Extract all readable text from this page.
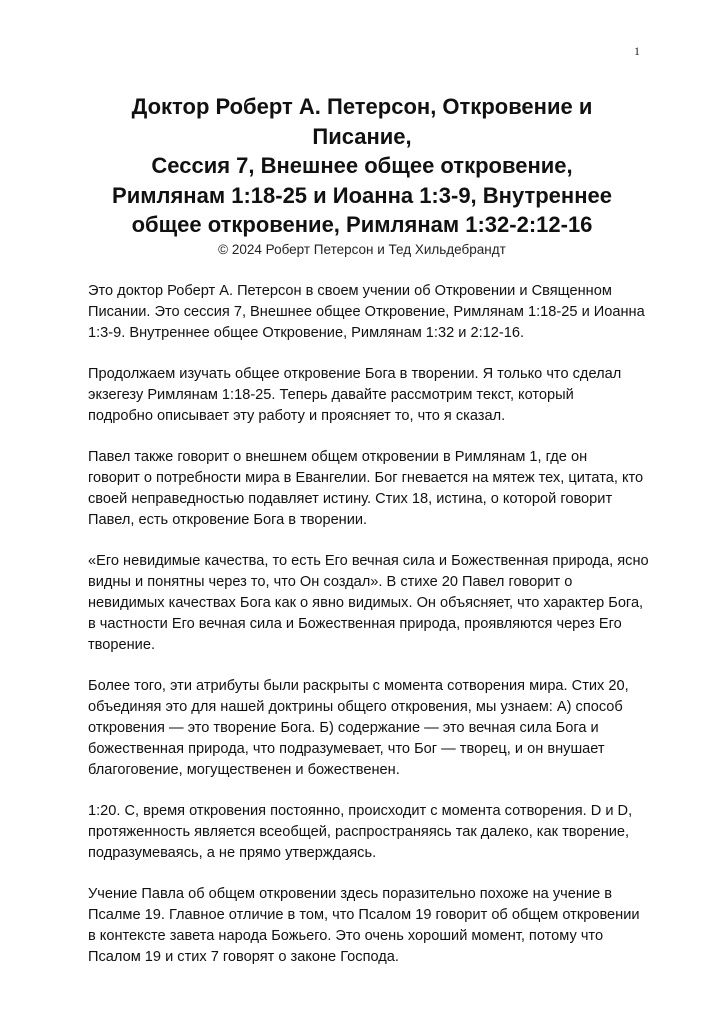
1
Доктор Роберт А. Петерсон, Откровение и
Писание,
Сессия 7, Внешнее общее откровение,
Римлянам 1:18-25 и Иоанна 1:3-9, Внутреннее
общее откровение, Римлянам 1:32-2:12-16
© 2024 Роберт Петерсон и Тед Хильдебрандт
Это доктор Роберт А. Петерсон в своем учении об Откровении и Священном
Писании. Это сессия 7, Внешнее общее Откровение, Римлянам 1:18-25 и Иоанна
1:3-9. Внутреннее общее Откровение, Римлянам 1:32 и 2:12-16.
Продолжаем изучать общее откровение Бога в творении. Я только что сделал
экзегезу Римлянам 1:18-25. Теперь давайте рассмотрим текст, который
подробно описывает эту работу и проясняет то, что я сказал.
Павел также говорит о внешнем общем откровении в Римлянам 1, где он
говорит о потребности мира в Евангелии. Бог гневается на мятеж тех, цитата, кто
своей неправедностью подавляет истину. Стих 18, истина, о которой говорит
Павел, есть откровение Бога в творении.
«Его невидимые качества, то есть Его вечная сила и Божественная природа, ясно
видны и понятны через то, что Он создал». В стихе 20 Павел говорит о
невидимых качествах Бога как о явно видимых. Он объясняет, что характер Бога,
в частности Его вечная сила и Божественная природа, проявляются через Его
творение.
Более того, эти атрибуты были раскрыты с момента сотворения мира. Стих 20,
объединяя это для нашей доктрины общего откровения, мы узнаем: А) способ
откровения — это творение Бога. Б) содержание — это вечная сила Бога и
божественная природа, что подразумевает, что Бог — творец, и он внушает
благоговение, могущественен и божественен.
1:20. С, время откровения постоянно, происходит с момента сотворения. D и D,
протяженность является всеобщей, распространяясь так далеко, как творение,
подразумеваясь, а не прямо утверждаясь.
Учение Павла об общем откровении здесь поразительно похоже на учение в
Псалме 19. Главное отличие в том, что Псалом 19 говорит об общем откровении
в контексте завета народа Божьего. Это очень хороший момент, потому что
Псалом 19 и стих 7 говорят о законе Господа.
